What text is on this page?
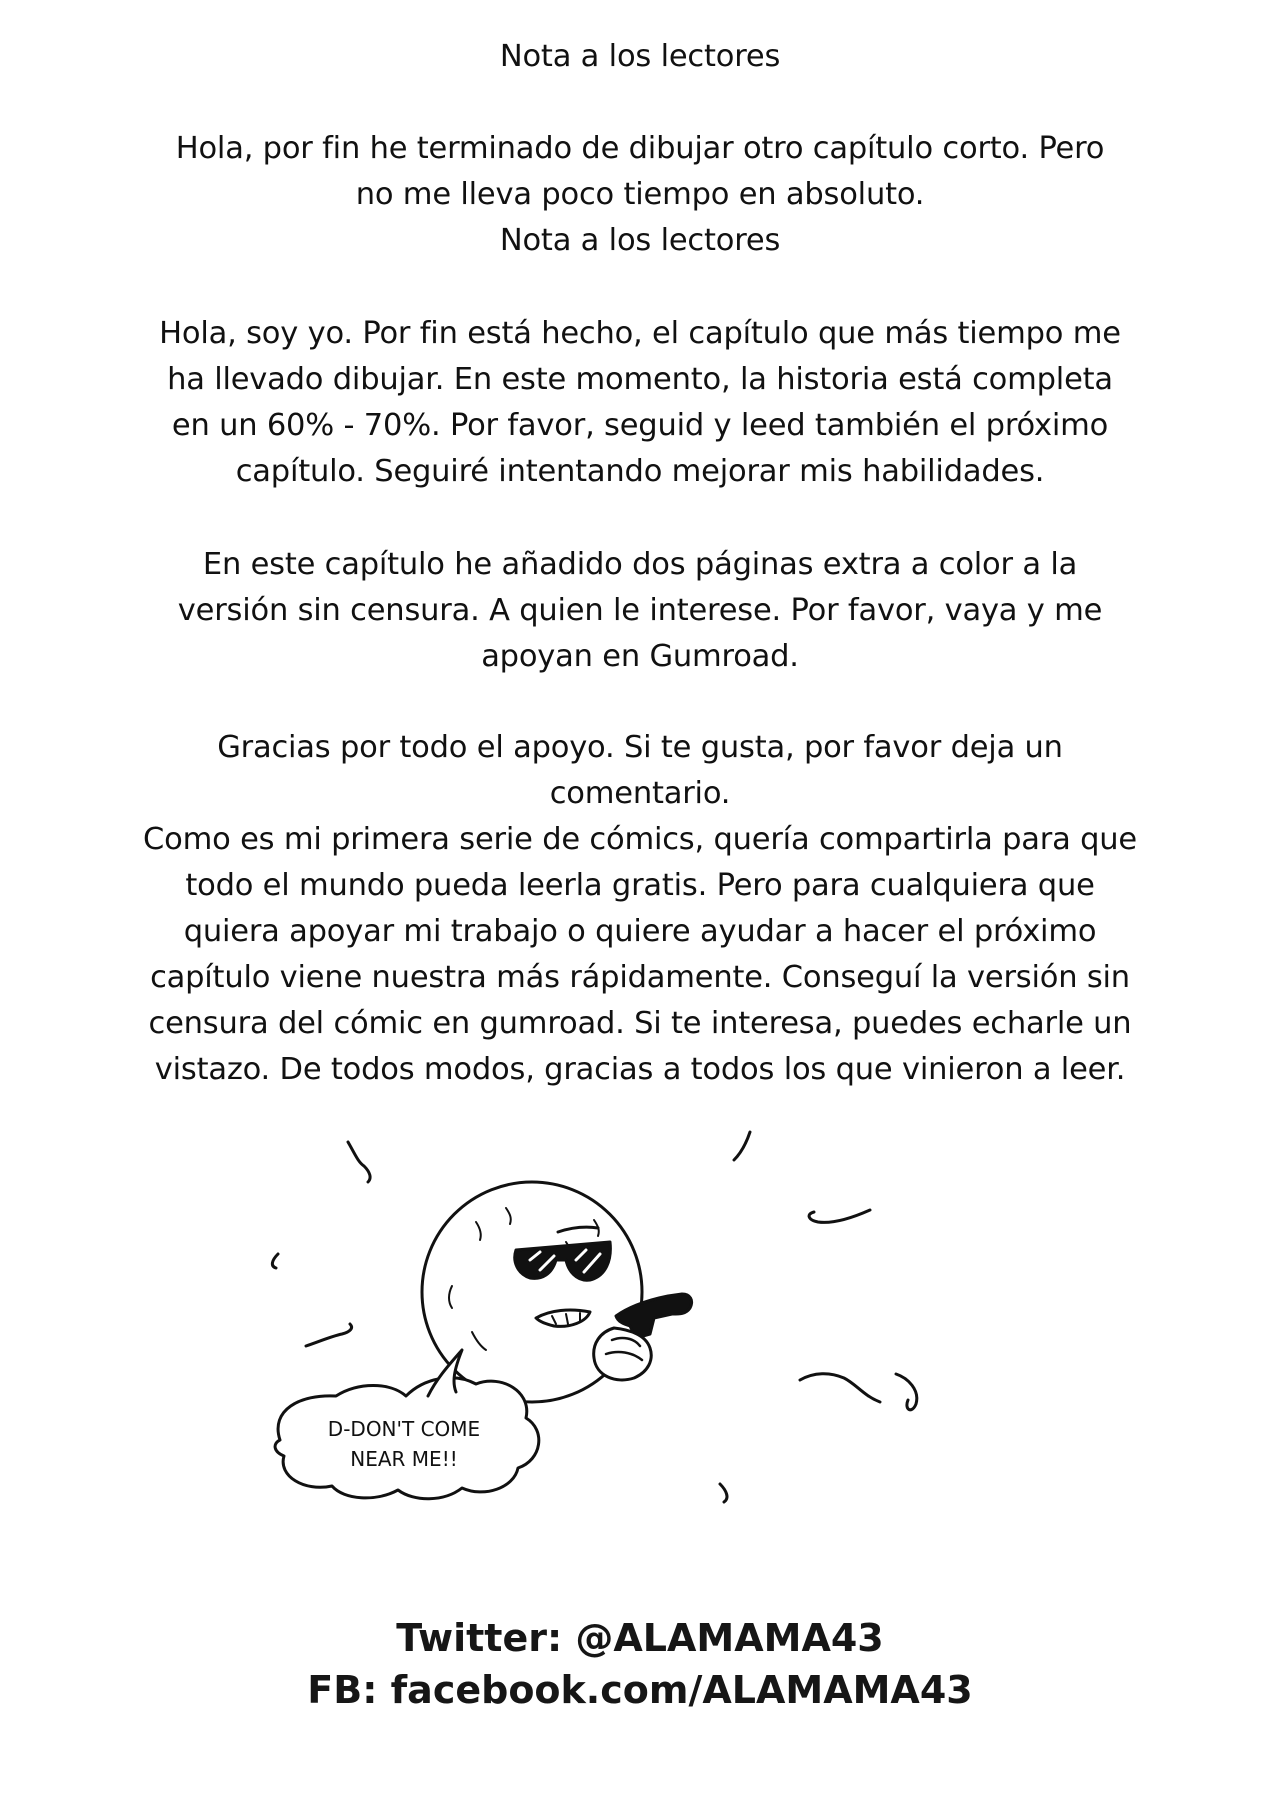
Nota a los lectores
Hola, por fin he terminado de dibujar otro capítulo corto. Pero
no me lleva poco tiempo en absoluto.
Nota a los lectores
Hola, soy yo. Por fin está hecho, el capítulo que más tiempo me
ha llevado dibujar. En este momento, la historia está completa
en un 60% - 70%. Por favor, seguid y leed también el próximo
capítulo. Seguiré intentando mejorar mis habilidades.
En este capítulo he añadido dos páginas extra a color a la
versión sin censura. A quien le interese. Por favor, vaya y me
apoyan en Gumroad.
Gracias por todo el apoyo. Si te gusta, por favor deja un
comentario.
Como es mi primera serie de cómics, quería compartirla para que
todo el mundo pueda leerla gratis. Pero para cualquiera que
quiera apoyar mi trabajo o quiere ayudar a hacer el próximo
capítulo viene nuestra más rápidamente. Conseguí la versión sin
censura del cómic en gumroad. Si te interesa, puedes echarle un
vistazo. De todos modos, gracias a todos los que vinieron a leer.
D-DON'T COME
NEAR ME!!
Twitter: @ALAMAMA43
FB: facebook.com/ALAMAMA43
